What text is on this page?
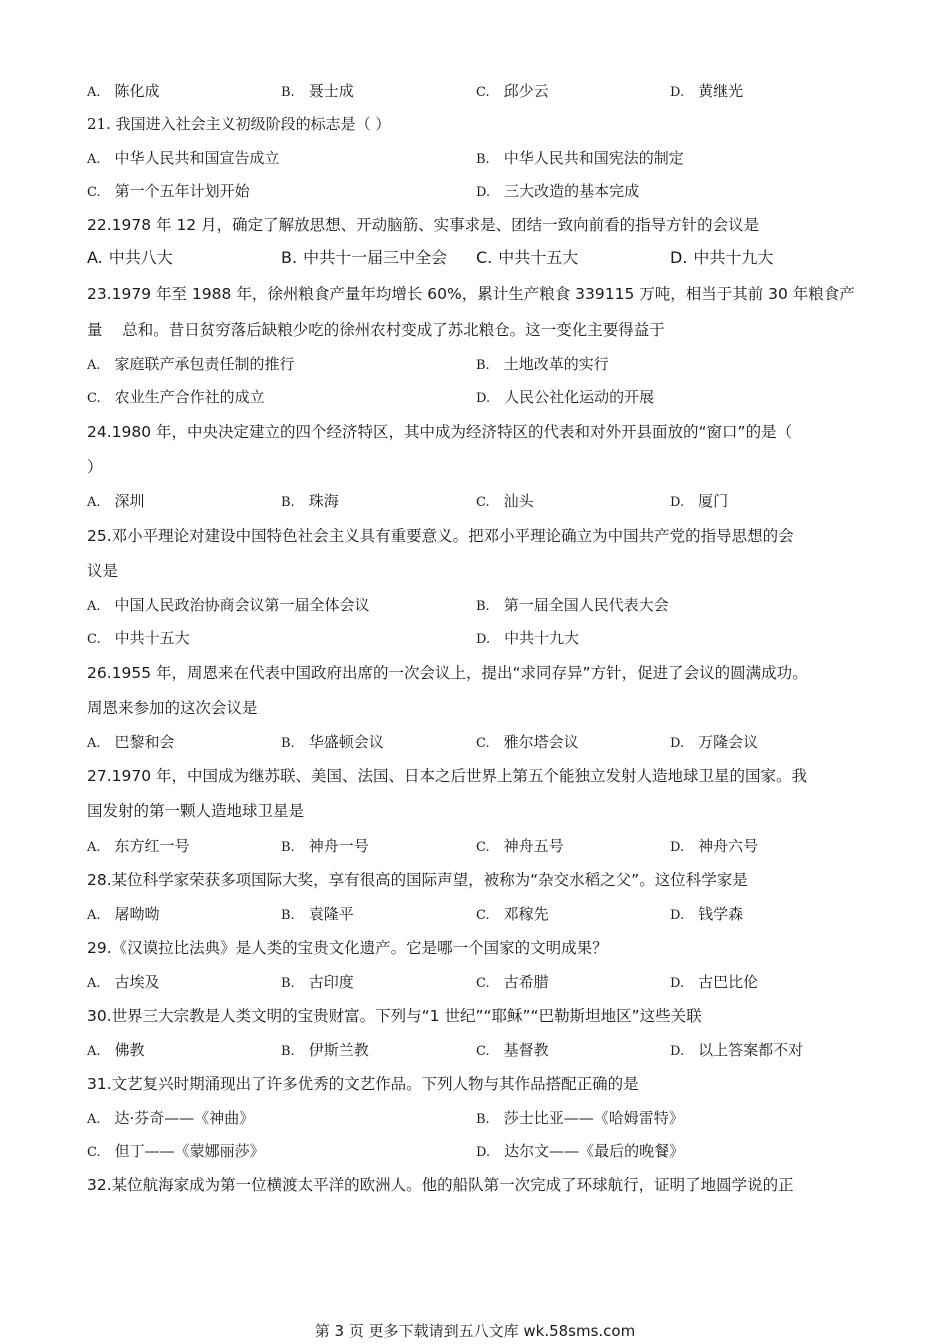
A. 陈化成	B. 聂士成	C. 邱少云	D. 黄继光
21. 我国进入社会主义初级阶段的标志是（ ）
A. 中华人民共和国宣告成立	B. 中华人民共和国宪法的制定
C. 第一个五年计划开始	D. 三大改造的基本完成
22.1978 年 12 月，确定了解放思想、开动脑筋、实事求是、团结一致向前看的指导方针的会议是
A. 中共八大	B. 中共十一届三中全会 C. 中共十五大	D. 中共十九大
23.1979 年至 1988 年，徐州粮食产量年均增长 60%，累计生产粮食 339115 万吨，相当于其前 30 年粮食产
量    总和。昔日贫穷落后缺粮少吃的徐州农村变成了苏北粮仓。这一变化主要得益于
A. 家庭联产承包责任制的推行	B. 土地改革的实行
C. 农业生产合作社的成立	D. 人民公社化运动的开展
24.1980 年，中央决定建立的四个经济特区，其中成为经济特区的代表和对外开县面放的“窗口”的是（
）
A. 深圳	B. 珠海	C. 汕头	D. 厦门
25.邓小平理论对建设中国特色社会主义具有重要意义。把邓小平理论确立为中国共产党的指导思想的会
议是
A. 中国人民政治协商会议第一届全体会议	B. 第一届全国人民代表大会
C. 中共十五大	D. 中共十九大
26.1955 年，周恩来在代表中国政府出席的一次会议上，提出“求同存异”方针，促进了会议的圆满成功。
周恩来参加的这次会议是
A. 巴黎和会	B. 华盛顿会议	C. 雅尔塔会议	D. 万隆会议
27.1970 年，中国成为继苏联、美国、法国、日本之后世界上第五个能独立发射人造地球卫星的国家。我
国发射的第一颗人造地球卫星是
A. 东方红一号	B. 神舟一号	C. 神舟五号	D. 神舟六号
28.某位科学家荣获多项国际大奖，享有很高的国际声望，被称为“杂交水稻之父”。这位科学家是
A. 屠呦呦	B. 袁隆平	C. 邓稼先	D. 钱学森
29.《汉谟拉比法典》是人类的宝贵文化遗产。它是哪一个国家的文明成果？
A. 古埃及	B. 古印度	C. 古希腊	D. 古巴比伦
30.世界三大宗教是人类文明的宝贵财富。下列与“1 世纪”“耶稣”“巴勒斯坦地区”这些关联
A. 佛教	B. 伊斯兰教	C. 基督教	D. 以上答案都不对
31.文艺复兴时期涌现出了许多优秀的文艺作品。下列人物与其作品搭配正确的是
A. 达·芬奇——《神曲》	B. 莎士比亚——《哈姆雷特》
C. 但丁——《蒙娜丽莎》	D. 达尔文——《最后的晚餐》
32.某位航海家成为第一位横渡太平洋的欧洲人。他的船队第一次完成了环球航行，证明了地圆学说的正
第 3 页 更多下载请到五八文库 wk.58sms.com
